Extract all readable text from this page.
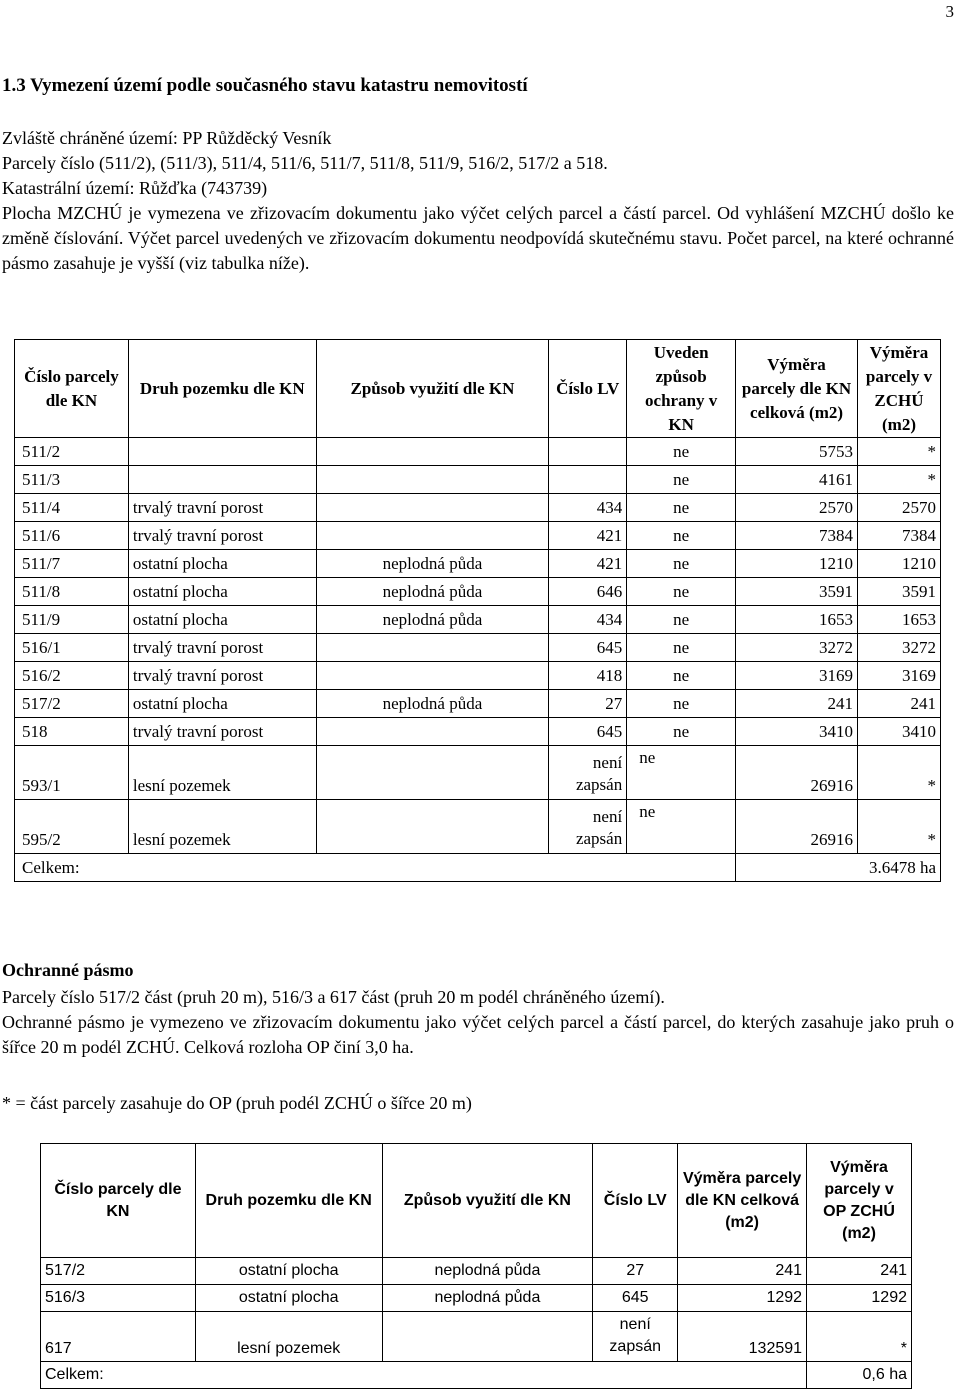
3
1.3 Vymezení území podle současného stavu katastru nemovitostí
Zvláště chráněné území: PP Růžděcký Vesník
Parcely číslo (511/2), (511/3), 511/4, 511/6, 511/7, 511/8, 511/9, 516/2, 517/2 a 518.
Katastrální území: Růžďka (743739)
Plocha MZCHÚ je vymezena ve zřizovacím dokumentu jako výčet celých parcel a částí parcel. Od vyhlášení MZCHÚ došlo ke změně číslování. Výčet parcel uvedených ve zřizovacím dokumentu neodpovídá skutečnému stavu. Počet parcel, na které ochranné pásmo zasahuje je vyšší (viz tabulka níže).
Číslo parcely dle KN	Druh pozemku dle KN	Způsob využití dle KN	Číslo LV	Uveden způsob ochrany v KN	Výměra parcely dle KN celková (m2)	Výměra parcely v ZCHÚ (m2)
511/2				ne	5753	*
511/3				ne	4161	*
511/4	trvalý travní porost		434	ne	2570	2570
511/6	trvalý travní porost		421	ne	7384	7384
511/7	ostatní plocha	neplodná půda	421	ne	1210	1210
511/8	ostatní plocha	neplodná půda	646	ne	3591	3591
511/9	ostatní plocha	neplodná půda	434	ne	1653	1653
516/1	trvalý travní porost		645	ne	3272	3272
516/2	trvalý travní porost		418	ne	3169	3169
517/2	ostatní plocha	neplodná půda	27	ne	241	241
518	trvalý travní porost		645	ne	3410	3410
593/1	lesní pozemek		není
zapsán	ne	26916	*
595/2	lesní pozemek		není
zapsán	ne	26916	*
Celkem:					3.6478 ha	
Ochranné pásmo
Parcely číslo 517/2 část (pruh 20 m), 516/3 a 617 část (pruh 20 m podél chráněného území).
Ochranné pásmo je vymezeno ve zřizovacím dokumentu jako výčet celých parcel a částí parcel, do kterých zasahuje jako pruh o šířce 20 m podél ZCHÚ. Celková rozloha OP činí 3,0 ha.
* = část parcely zasahuje do OP (pruh podél ZCHÚ o šířce 20 m)
Číslo parcely dle KN	Druh pozemku dle KN	Způsob využití dle KN	Číslo LV	Výměra parcely dle KN celková (m2)	Výměra parcely v OP ZCHÚ (m2)
517/2	ostatní plocha	neplodná půda	27	241	241
516/3	ostatní plocha	neplodná půda	645	1292	1292
617	lesní pozemek		není
zapsán	132591	*
Celkem:					0,6 ha
